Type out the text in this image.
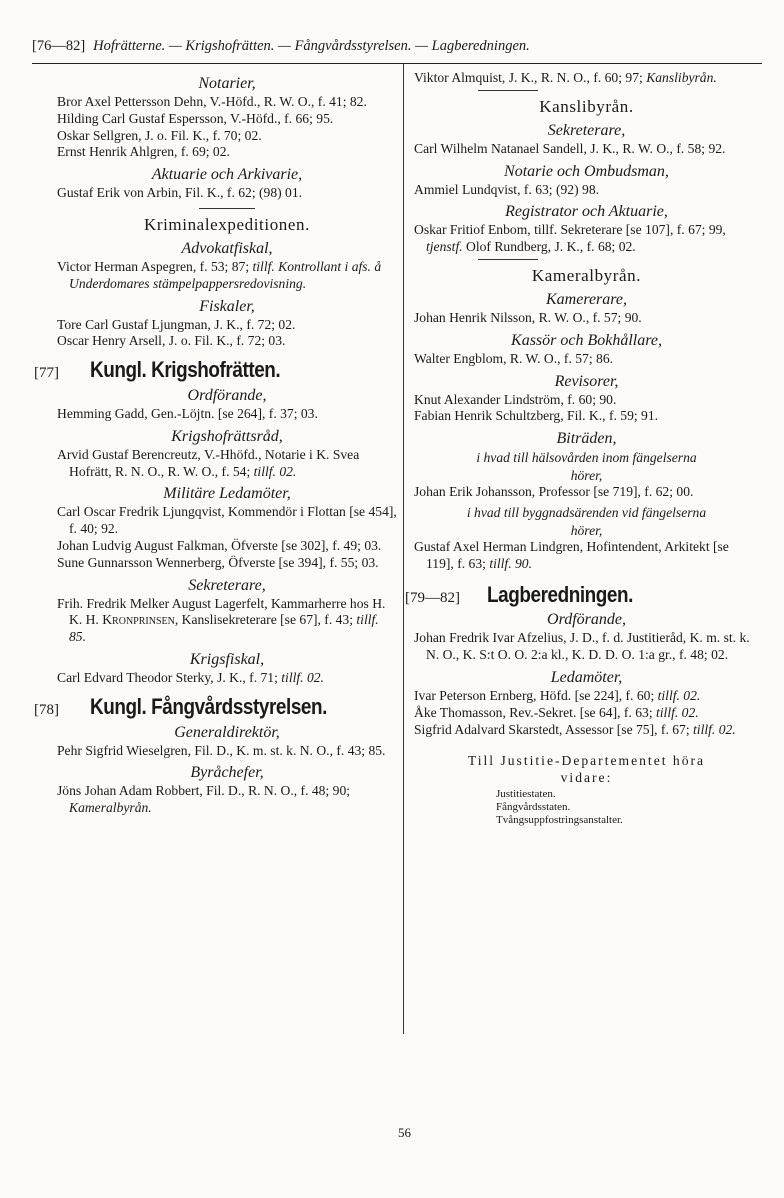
[76—82] Hofrätterne. — Krigshofrätten. — Fångvårdsstyrelsen. — Lagberedningen.
Notarier,

Bror Axel Pettersson Dehn, V.-Höfd., R. W. O., f. 41; 82.

Hilding Carl Gustaf Espersson, V.-Höfd., f. 66; 95.

Oskar Sellgren, J. o. Fil. K., f. 70; 02.

Ernst Henrik Ahlgren, f. 69; 02.

Aktuarie och Arkivarie,

Gustaf Erik von Arbin, Fil. K., f. 62; (98) 01.

Kriminalexpeditionen.
Advokatfiskal,

Victor Herman Aspegren, f. 53; 87; tillf. Kontrollant i afs. å Underdomares stämpelpappersredovisning.

Fiskaler,

Tore Carl Gustaf Ljungman, J. K., f. 72; 02.

Oscar Henry Arsell, J. o. Fil. K., f. 72; 03.

[77]	Kungl. Krigshofrätten.
Ordförande,

Hemming Gadd, Gen.-Löjtn. [se 264], f. 37; 03.

Krigshofrättsråd,

Arvid Gustaf Berencreutz, V.-Hhöfd., Notarie i K. Svea Hofrätt, R. N. O., R. W. O., f. 54; tillf. 02.

Militäre Ledamöter,

Carl Oscar Fredrik Ljungqvist, Kommendör i Flottan [se 454], f. 40; 92.

Johan Ludvig August Falkman, Öfverste [se 302], f. 49; 03.

Sune Gunnarsson Wennerberg, Öfverste [se 394], f. 55; 03.

Sekreterare,

Frih. Fredrik Melker August Lagerfelt, Kammarherre hos H. K. H. Kronprinsen, Kanslisekreterare [se 67], f. 43; tillf. 85.

Krigsfiskal,

Carl Edvard Theodor Sterky, J. K., f. 71; tillf. 02.

[78]	Kungl. Fångvårdsstyrelsen.
Generaldirektör,

Pehr Sigfrid Wieselgren, Fil. D., K. m. st. k. N. O., f. 43; 85.

Byråchefer,

Jöns Johan Adam Robbert, Fil. D., R. N. O., f. 48; 90; Kameralbyrån.

Viktor Almquist, J. K., R. N. O., f. 60; 97; Kanslibyrån.

Kanslibyrån.
Sekreterare,

Carl Wilhelm Natanael Sandell, J. K., R. W. O., f. 58; 92.

Notarie och Ombudsman,

Ammiel Lundqvist, f. 63; (92) 98.

Registrator och Aktuarie,

Oskar Fritiof Enbom, tillf. Sekreterare [se 107], f. 67; 99, tjenstf. Olof Rundberg, J. K., f. 68; 02.

Kameralbyrån.
Kamererare,

Johan Henrik Nilsson, R. W. O., f. 57; 90.

Kassör och Bokhållare,

Walter Engblom, R. W. O., f. 57; 86.

Revisorer,

Knut Alexander Lindström, f. 60; 90.

Fabian Henrik Schultzberg, Fil. K., f. 59; 91.

Biträden,
i hvad till hälsovården inom fängelserna
hörer,

Johan Erik Johansson, Professor [se 719], f. 62; 00.

i hvad till byggnadsärenden vid fängelserna
hörer,

Gustaf Axel Herman Lindgren, Hofintendent, Arkitekt [se 119], f. 63; tillf. 90.

[79—82]	Lagberedningen.
Ordförande,

Johan Fredrik Ivar Afzelius, J. D., f. d. Justitieråd, K. m. st. k. N. O., K. S:t O. O. 2:a kl., K. D. D. O. 1:a gr., f. 48; 02.

Ledamöter,

Ivar Peterson Ernberg, Höfd. [se 224], f. 60; tillf. 02.

Åke Thomasson, Rev.-Sekret. [se 64], f. 63; tillf. 02.

Sigfrid Adalvard Skarstedt, Assessor [se 75], f. 67; tillf. 02.

Till Justitie-Departementet höra
vidare:
Justitiestaten.
Fångvårdsstaten.
Tvångsuppfostringsanstalter.
56
